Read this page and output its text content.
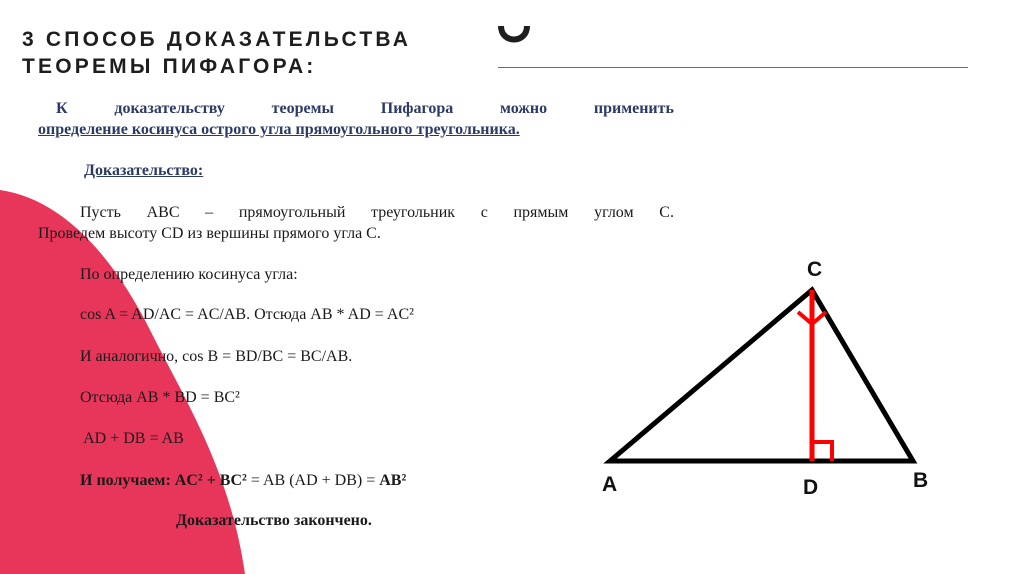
3 СПОСОБ ДОКАЗАТЕЛЬСТВА
ТЕОРЕМЫ ПИФАГОРА:
К	доказательству	теоремы	Пифагора	можно	применить
определение косинуса острого угла прямоугольного треугольника.
Доказательство:
Пусть АВС – прямоугольный треугольник с прямым углом С.
Проведем высоту CD из вершины прямого угла С.
По определению косинуса угла:
cos A = AD/AC = AC/AB. Отсюда AB * AD = AC²
И аналогично, cos B = BD/BC = BC/AB.
Отсюда AB * BD = BC²
AD + DB = AB
И получаем: AC² + BC² = AB (AD + DB) = AB²
Доказательство закончено.
A
C
D	B
